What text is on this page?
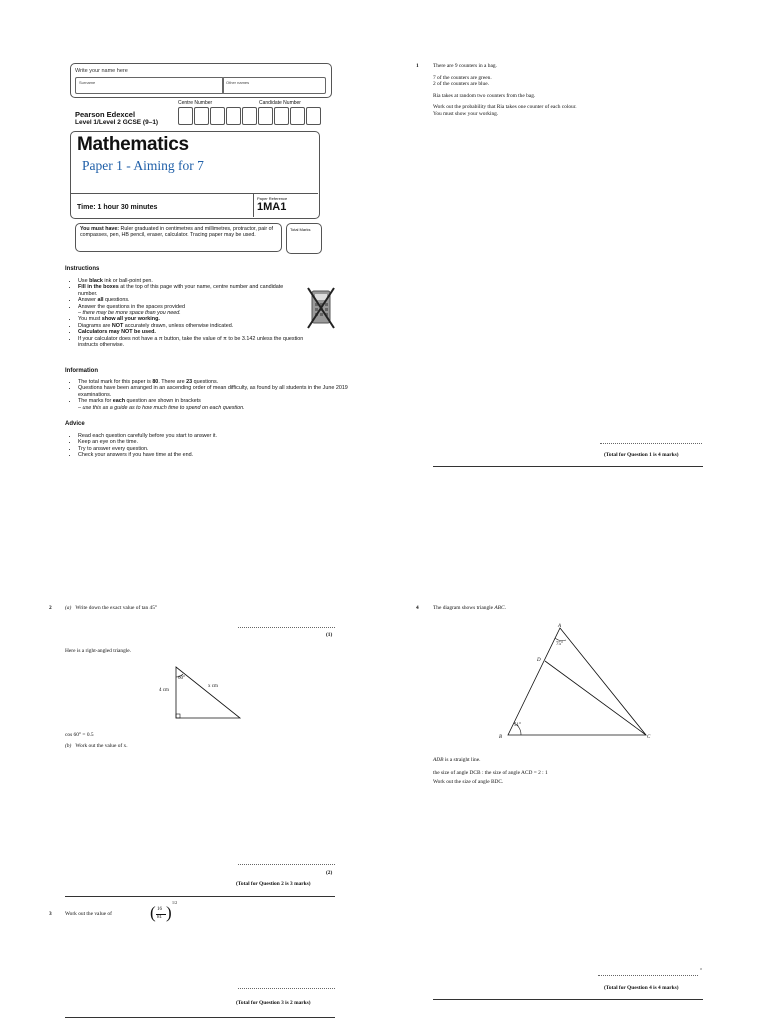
Write your name here
Surname	Other names
Centre Number	Candidate Number
Pearson Edexcel
Level 1/Level 2 GCSE (9–1)
Mathematics
Paper 1 - Aiming for 7
Time: 1 hour 30 minutes
Paper Reference
1MA1
You must have: Ruler graduated in centimetres and millimetres, protractor, pair of compasses, pen, HB pencil, eraser, calculator. Tracing paper may be used.
Total Marks
Instructions
• Use black ink or ball-point pen.
• Fill in the boxes at the top of this page with your name, centre number and candidate number.
• Answer all questions.
• Answer the questions in the spaces provided
– there may be more space than you need.
• You must show all your working.
• Diagrams are NOT accurately drawn, unless otherwise indicated.
• Calculators may NOT be used.
• If your calculator does not have a π button, take the value of π to be 3.142 unless the question instructs otherwise.
Information
• The total mark for this paper is 80. There are 23 questions.
• Questions have been arranged in an ascending order of mean difficulty, as found by all students in the June 2019 examinations.
• The marks for each question are shown in brackets
– use this as a guide as to how much time to spend on each question.
Advice
• Read each question carefully before you start to answer it.
• Keep an eye on the time.
• Try to answer every question.
• Check your answers if you have time at the end.
1	There are 9 counters in a bag.
7 of the counters are green.
2 of the counters are blue.
Ria takes at random two counters from the bag.
Work out the probability that Ria takes one counter of each colour.
You must show your working.
(Total for Question 1 is 4 marks)
2 (a) Write down the exact value of tan 45°
(1)
Here is a right-angled triangle.
60°
4 cm
x cm
cos 60° = 0.5
(b) Work out the value of x.
(2)
(Total for Question 2 is 3 marks)
3 Work out the value of ( 16
81 )
1/2
(Total for Question 3 is 2 marks)
4	The diagram shows triangle ABC.
A
75°
D
51°
B	C
ADB is a straight line.
the size of angle DCB : the size of angle ACD = 2 : 1
Work out the size of angle BDC.
°
(Total for Question 4 is 4 marks)
